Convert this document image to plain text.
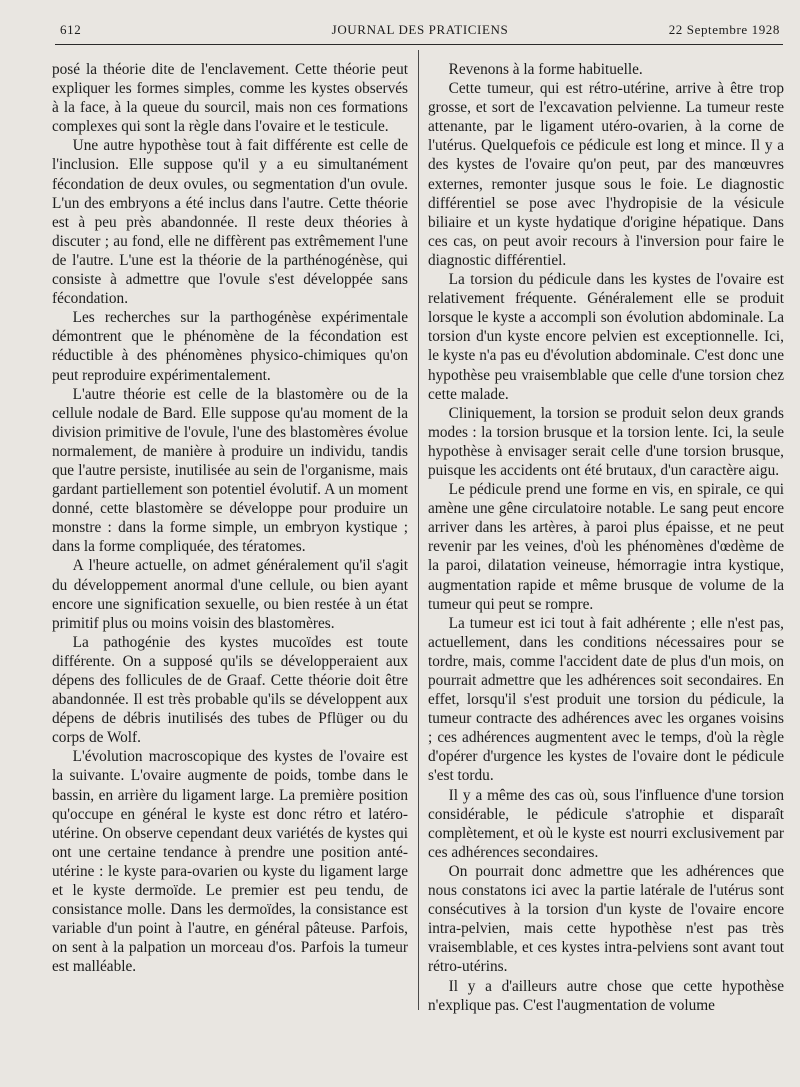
612	JOURNAL DES PRATICIENS	22 Septembre 1928

posé la théorie dite de l'enclavement. Cette théorie peut expliquer les formes simples, comme les kystes observés à la face, à la queue du sourcil, mais non ces formations complexes qui sont la règle dans l'ovaire et le testicule.

Une autre hypothèse tout à fait différente est celle de l'inclusion. Elle suppose qu'il y a eu simultanément fécondation de deux ovules, ou segmentation d'un ovule. L'un des embryons a été inclus dans l'autre. Cette théorie est à peu près abandonnée. Il reste deux théories à discuter ; au fond, elle ne diffèrent pas extrêmement l'une de l'autre. L'une est la théorie de la parthénogénèse, qui consiste à admettre que l'ovule s'est développée sans fécondation.

Les recherches sur la parthogénèse expérimentale démontrent que le phénomène de la fécondation est réductible à des phénomènes physico-chimiques qu'on peut reproduire expérimentalement.

L'autre théorie est celle de la blastomère ou de la cellule nodale de Bard. Elle suppose qu'au moment de la division primitive de l'ovule, l'une des blastomères évolue normalement, de manière à produire un individu, tandis que l'autre persiste, inutilisée au sein de l'organisme, mais gardant partiellement son potentiel évolutif. A un moment donné, cette blastomère se développe pour produire un monstre : dans la forme simple, un embryon kystique ; dans la forme compliquée, des tératomes.

A l'heure actuelle, on admet généralement qu'il s'agit du développement anormal d'une cellule, ou bien ayant encore une signification sexuelle, ou bien restée à un état primitif plus ou moins voisin des blastomères.

La pathogénie des kystes mucoïdes est toute différente. On a supposé qu'ils se développeraient aux dépens des follicules de de Graaf. Cette théorie doit être abandonnée. Il est très probable qu'ils se développent aux dépens de débris inutilisés des tubes de Pflüger ou du corps de Wolf.

L'évolution macroscopique des kystes de l'ovaire est la suivante. L'ovaire augmente de poids, tombe dans le bassin, en arrière du ligament large. La première position qu'occupe en général le kyste est donc rétro et latéro-utérine. On observe cependant deux variétés de kystes qui ont une certaine tendance à prendre une position anté-utérine : le kyste para-ovarien ou kyste du ligament large et le kyste dermoïde. Le premier est peu tendu, de consistance molle. Dans les dermoïdes, la consistance est variable d'un point à l'autre, en général pâteuse. Parfois, on sent à la palpation un morceau d'os. Parfois la tumeur est malléable.

Revenons à la forme habituelle.

Cette tumeur, qui est rétro-utérine, arrive à être trop grosse, et sort de l'excavation pelvienne. La tumeur reste attenante, par le ligament utéro-ovarien, à la corne de l'utérus. Quelquefois ce pédicule est long et mince. Il y a des kystes de l'ovaire qu'on peut, par des manœuvres externes, remonter jusque sous le foie. Le diagnostic différentiel se pose avec l'hydropisie de la vésicule biliaire et un kyste hydatique d'origine hépatique. Dans ces cas, on peut avoir recours à l'inversion pour faire le diagnostic différentiel.

La torsion du pédicule dans les kystes de l'ovaire est relativement fréquente. Généralement elle se produit lorsque le kyste a accompli son évolution abdominale. La torsion d'un kyste encore pelvien est exceptionnelle. Ici, le kyste n'a pas eu d'évolution abdominale. C'est donc une hypothèse peu vraisemblable que celle d'une torsion chez cette malade.

Cliniquement, la torsion se produit selon deux grands modes : la torsion brusque et la torsion lente. Ici, la seule hypothèse à envisager serait celle d'une torsion brusque, puisque les accidents ont été brutaux, d'un caractère aigu.

Le pédicule prend une forme en vis, en spirale, ce qui amène une gêne circulatoire notable. Le sang peut encore arriver dans les artères, à paroi plus épaisse, et ne peut revenir par les veines, d'où les phénomènes d'œdème de la paroi, dilatation veineuse, hémorragie intra kystique, augmentation rapide et même brusque de volume de la tumeur qui peut se rompre.

La tumeur est ici tout à fait adhérente ; elle n'est pas, actuellement, dans les conditions nécessaires pour se tordre, mais, comme l'accident date de plus d'un mois, on pourrait admettre que les adhérences soit secondaires. En effet, lorsqu'il s'est produit une torsion du pédicule, la tumeur contracte des adhérences avec les organes voisins ; ces adhérences augmentent avec le temps, d'où la règle d'opérer d'urgence les kystes de l'ovaire dont le pédicule s'est tordu.

Il y a même des cas où, sous l'influence d'une torsion considérable, le pédicule s'atrophie et disparaît complètement, et où le kyste est nourri exclusivement par ces adhérences secondaires.

On pourrait donc admettre que les adhérences que nous constatons ici avec la partie latérale de l'utérus sont consécutives à la torsion d'un kyste de l'ovaire encore intra-pelvien, mais cette hypothèse n'est pas très vraisemblable, et ces kystes intra-pelviens sont avant tout rétro-utérins.

Il y a d'ailleurs autre chose que cette hypothèse n'explique pas. C'est l'augmentation de volume
